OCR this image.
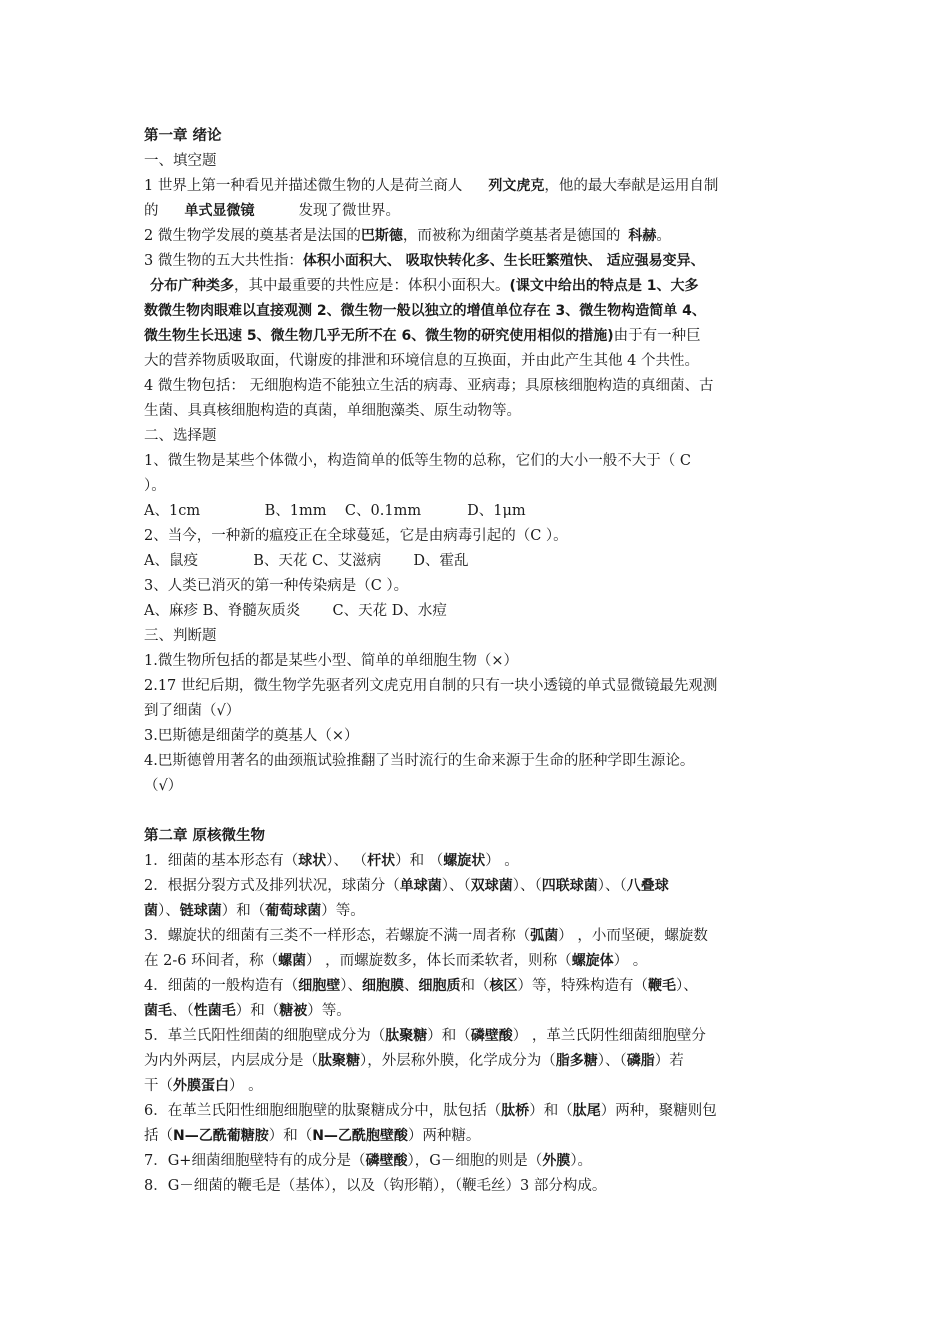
第一章 绪论
一、填空题
1 世界上第一种看见并描述微生物的人是荷兰商人 列文虎克，他的最大奉献是运用自制
的 单式显微镜	发现了微世界。
2 微生物学发展的奠基者是法国的巴斯德，而被称为细菌学奠基者是德国的 科赫。
3 微生物的五大共性指：体积小面积大、 吸取快转化多、生长旺繁殖快、 适应强易变异、
分布广种类多，其中最重要的共性应是：体积小面积大。(课文中给出的特点是 1、大多
数微生物肉眼难以直接观测 2、微生物一般以独立的增值单位存在 3、微生物构造简单 4、
微生物生长迅速 5、微生物几乎无所不在 6、微生物的研究使用相似的措施)由于有一种巨
大的营养物质吸取面，代谢废的排泄和环境信息的互换面，并由此产生其他 4 个共性。
4 微生物包括： 无细胞构造不能独立生活的病毒、亚病毒；具原核细胞构造的真细菌、古
生菌、具真核细胞构造的真菌，单细胞藻类、原生动物等。
二、选择题
1、微生物是某些个体微小，构造简单的低等生物的总称，它们的大小一般不大于（ C
）。
A、1cm              B、1mm    C、0.1mm          D、1μm
2、当今，一种新的瘟疫正在全球蔓延，它是由病毒引起的（C ）。
A、鼠疫            B、天花 C、艾滋病       D、霍乱
3、人类已消灭的第一种传染病是（C ）。
A、麻疹 B、脊髓灰质炎       C、天花 D、水痘
三、判断题
1.微生物所包括的都是某些小型、简单的单细胞生物（×）
2.17 世纪后期，微生物学先驱者列文虎克用自制的只有一块小透镜的单式显微镜最先观测
到了细菌（√）
3.巴斯德是细菌学的奠基人（×）
4.巴斯德曾用著名的曲颈瓶试验推翻了当时流行的生命来源于生命的胚种学即生源论。
（√）
第二章 原核微生物
1．细菌的基本形态有（球状）、 （杆状）和 （螺旋状） 。
2．根据分裂方式及排列状况，球菌分（单球菌）、（双球菌）、（四联球菌）、（八叠球
菌）、链球菌）和（葡萄球菌）等。
3．螺旋状的细菌有三类不一样形态，若螺旋不满一周者称（弧菌） ，小而坚硬，螺旋数
在 2-6 环间者，称（螺菌） ，而螺旋数多，体长而柔软者，则称（螺旋体） 。
4．细菌的一般构造有（细胞壁）、细胞膜、细胞质和（核区）等，特殊构造有（鞭毛）、
菌毛、（性菌毛）和（糖被）等。
5．革兰氏阳性细菌的细胞壁成分为（肽聚糖）和（磷壁酸） ，革兰氏阴性细菌细胞壁分
为内外两层，内层成分是（肽聚糖），外层称外膜，化学成分为（脂多糖）、（磷脂）若
干（外膜蛋白） 。
6．在革兰氏阳性细胞细胞壁的肽聚糖成分中，肽包括（肽桥）和（肽尾）两种，聚糖则包
括（N—乙酰葡糖胺）和（N—乙酰胞壁酸）两种糖。
7．G+细菌细胞壁特有的成分是（磷壁酸），G－细胞的则是（外膜）。
8．G－细菌的鞭毛是（基体），以及（钩形鞘），（鞭毛丝）3 部分构成。
